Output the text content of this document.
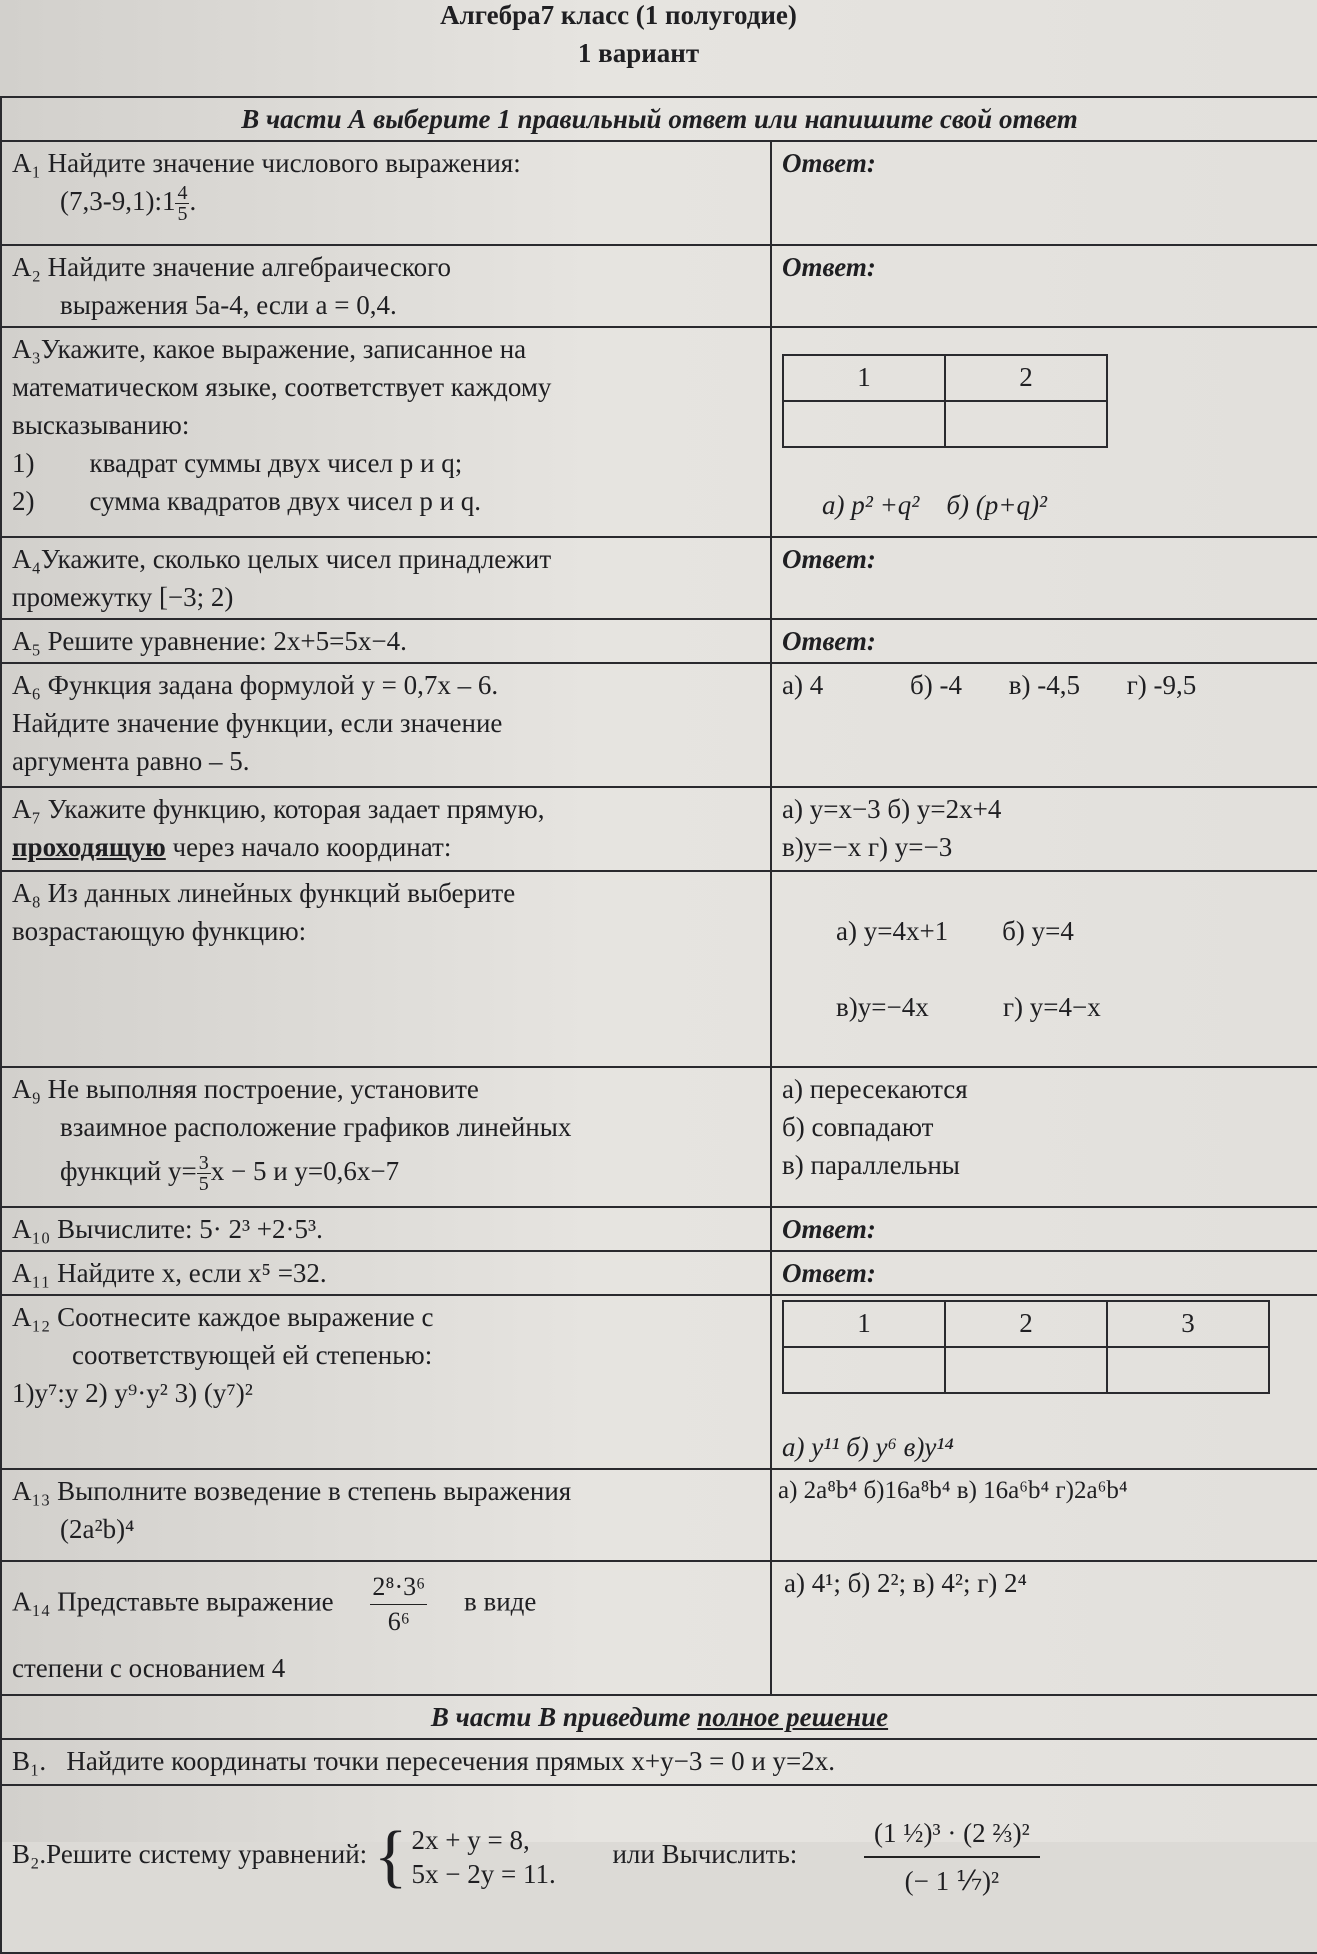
Алгебра7 класс (1 полугодие)
1 вариант
В части А выберите 1 правильный ответ или напишите свой ответ
А₁ Найдите значение числового выражения:
(7,3-9,1):1 $\frac{4}{5}$ .	Ответ:
А₂ Найдите значение алгебраического
выражения 5а-4, если а = 0,4.
	Ответ:
А₃Укажите, какое выражение, записанное на
математическом языке, соответствует каждому
высказыванию:
1) квадрат суммы двух чисел р и q;
2) сумма квадратов двух чисел р и q.	
1	2

а) р² +q² б) (р+q)²

А₄Укажите, сколько целых чисел принадлежит
промежутку [−3; 2)	Ответ:
А₅ Решите уравнение: 2х+5=5х−4.	Ответ:
А₆ Функция задана формулой у = 0,7х – 6.
Найдите значение функции, если значение
аргумента равно – 5.	а) 4	б) -4 в) -4,5 г) -9,5
А₇ Укажите функцию, которая задает прямую,
проходящую через начало координат:	а) у=х−3 б) у=2х+4
в)у=−х г) у=−3
А₈ Из данных линейных функций выберите
возрастающую функцию:	а) у=4х+1        б) у=4

в)у=−4х           г) у=4−х

А₉ Не выполняя построение, установите
взаимное расположение графиков линейных
функций $у= \frac{3}{5}$ х − 5 и у=0,6х−7
	а) пересекаются
б) совпадают
в) параллельны
А₁₀ Вычислите: 5· 2³ +2·5³.	Ответ:
А₁₁ Найдите х, если х⁵ =32.	Ответ:
А₁₂ Соотнесите каждое выражение с
соответствующей ей степенью:
1)у⁷:у 2) у⁹·у² 3) (у⁷)²	
1	2	3

а) у¹¹ б) у⁶ в)у¹⁴

А₁₃ Выполните возведение в степень выражения
(2а²b)⁴
	а) 2а⁸b⁴ б)16а⁸b⁴ в) 16а⁶b⁴ г)2а⁶b⁴

А₁₄ Представьте выражение $\frac{\text{2⁸·3⁶}}{\text{6⁶}}$ в виде
степени с основанием 4
	а) 4¹; б) 2²; в) 4²; г) 2⁴
В части В приведите полное решение
В₁. Найдите координаты точки пересечения прямых х+у−3 = 0 и у=2х.
В₂.Решите систему уравнений: { 2х + у = 8,
5х − 2у = 11. или Вычислить: $\frac{\text{(1 ½)³ · (2 ⅔)²}}{\text{(− 1 ⅐)²}}$
